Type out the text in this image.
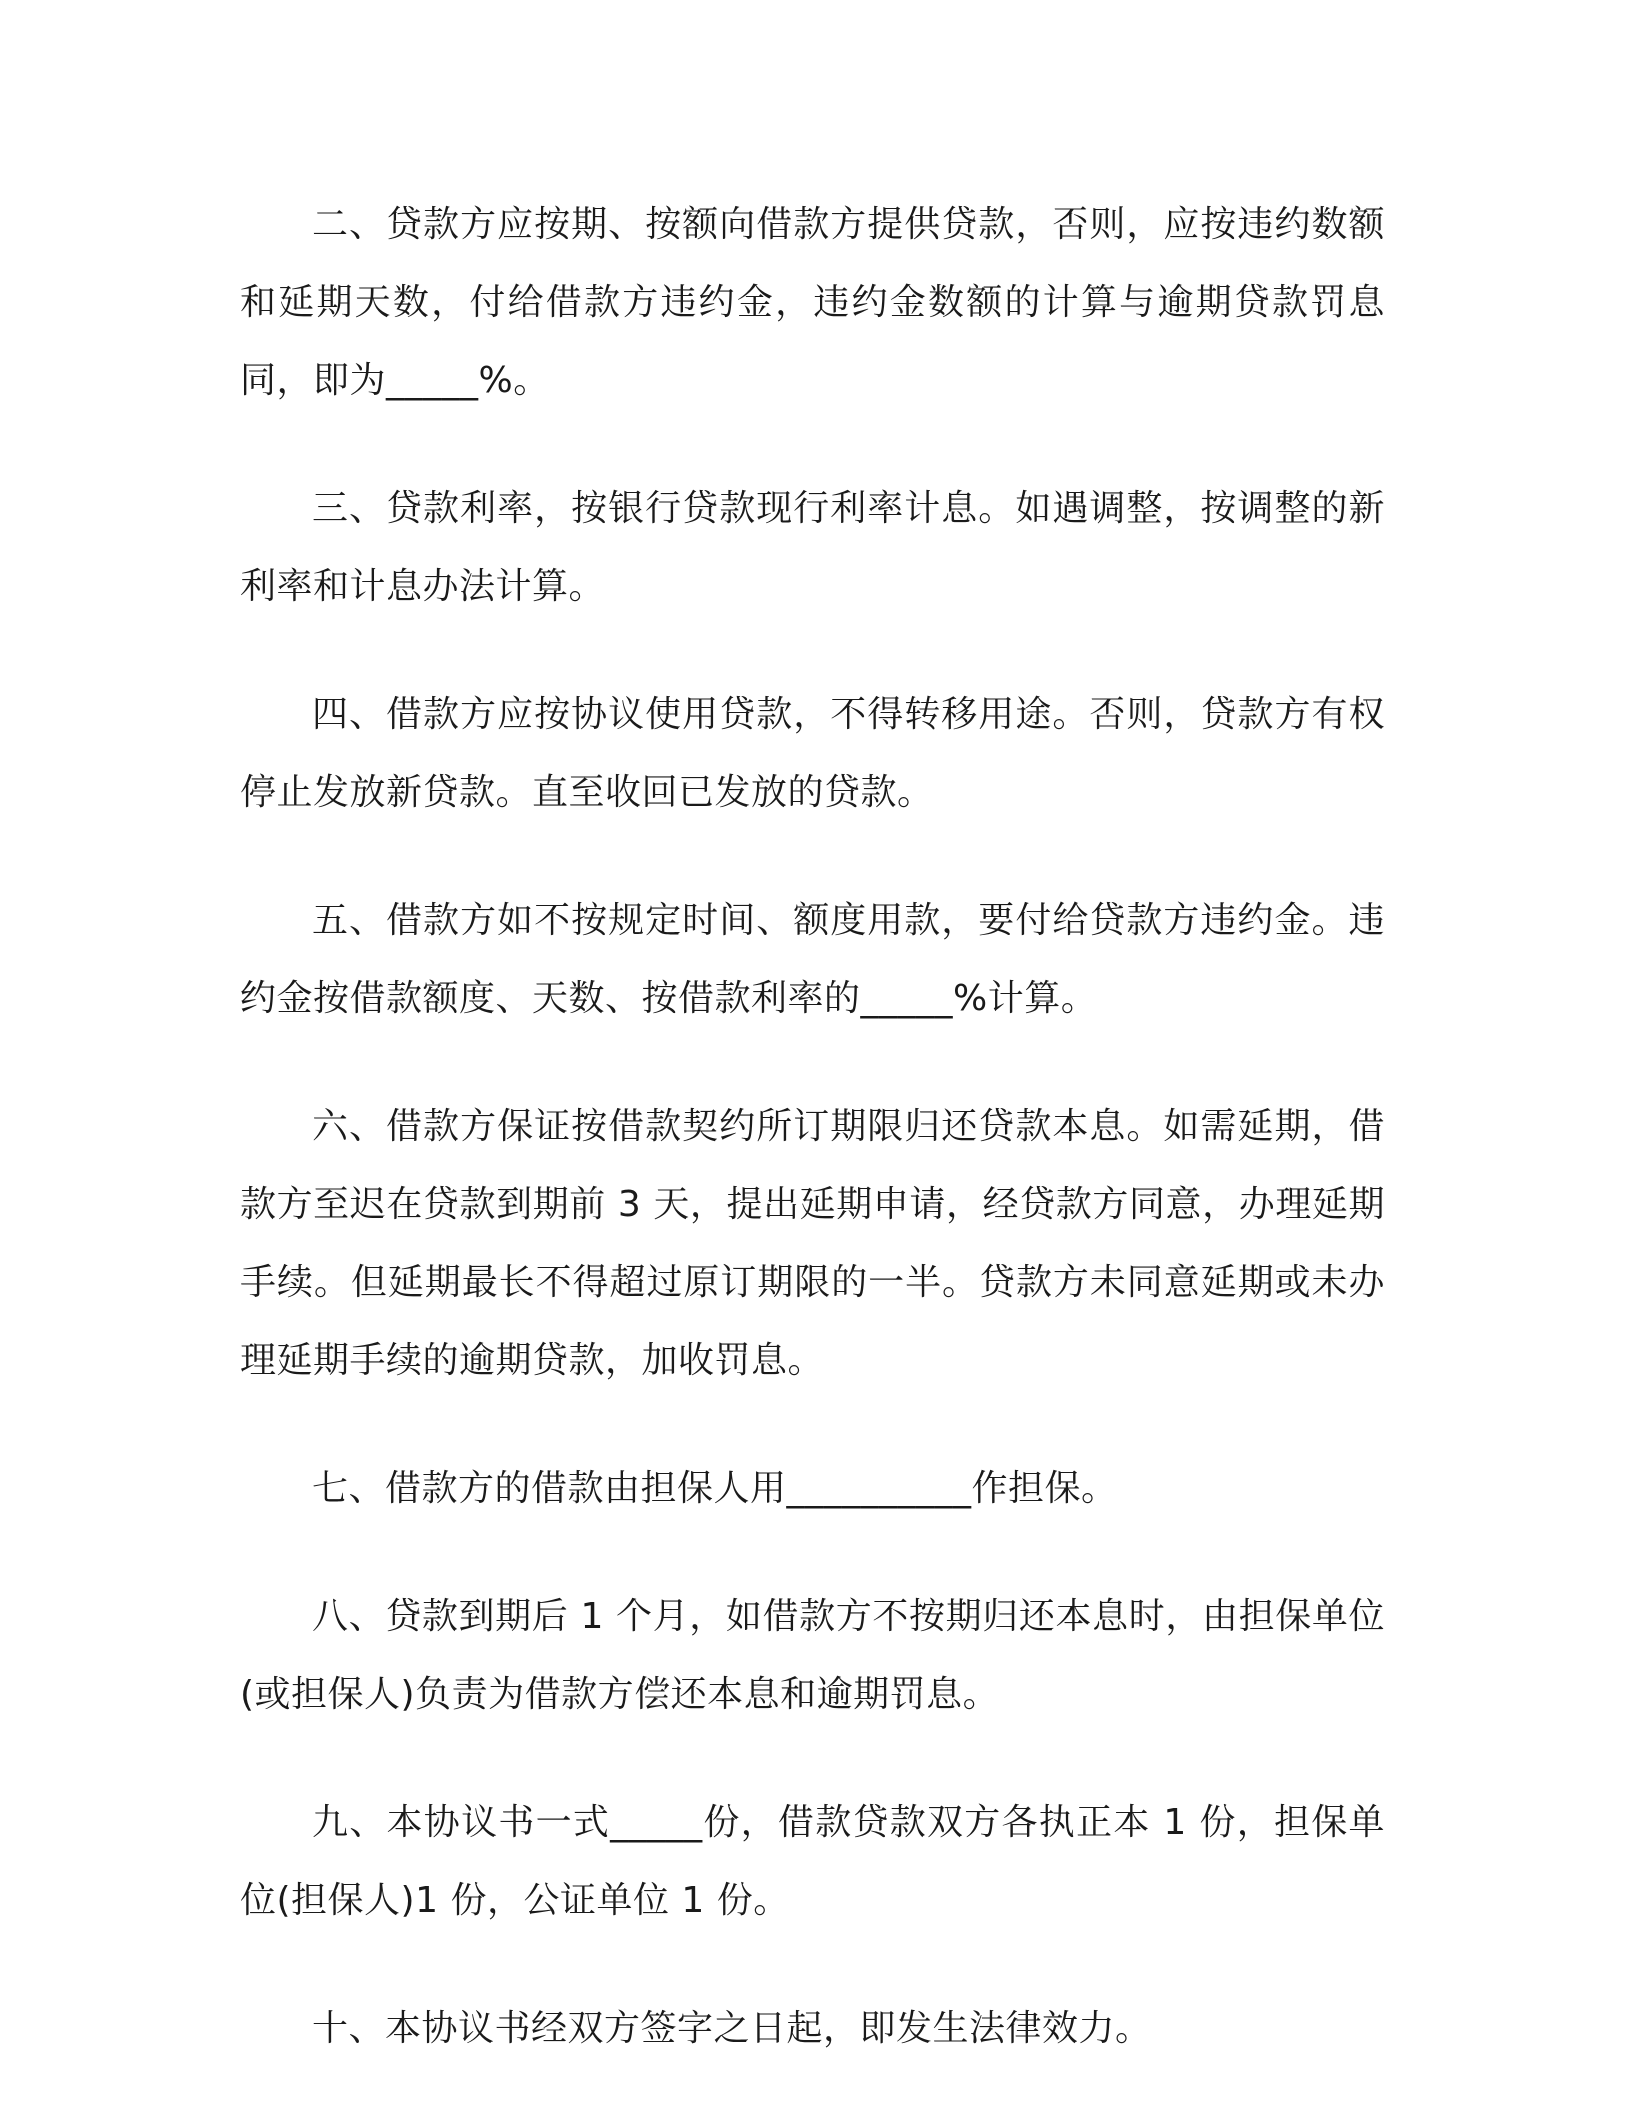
二、贷款方应按期、按额向借款方提供贷款，否则，应按违约数额和延期天数，付给借款方违约金，违约金数额的计算与逾期贷款罚息同，即为_____%。

三、贷款利率，按银行贷款现行利率计息。如遇调整，按调整的新利率和计息办法计算。

四、借款方应按协议使用贷款，不得转移用途。否则，贷款方有权停止发放新贷款。直至收回已发放的贷款。

五、借款方如不按规定时间、额度用款，要付给贷款方违约金。违约金按借款额度、天数、按借款利率的_____%计算。

六、借款方保证按借款契约所订期限归还贷款本息。如需延期，借款方至迟在贷款到期前 3 天，提出延期申请，经贷款方同意，办理延期手续。但延期最长不得超过原订期限的一半。贷款方未同意延期或未办理延期手续的逾期贷款，加收罚息。

七、借款方的借款由担保人用__________作担保。

八、贷款到期后 1 个月，如借款方不按期归还本息时，由担保单位(或担保人)负责为借款方偿还本息和逾期罚息。

九、本协议书一式_____份，借款贷款双方各执正本 1 份，担保单位(担保人)1 份，公证单位 1 份。

十、本协议书经双方签字之日起，即发生法律效力。
